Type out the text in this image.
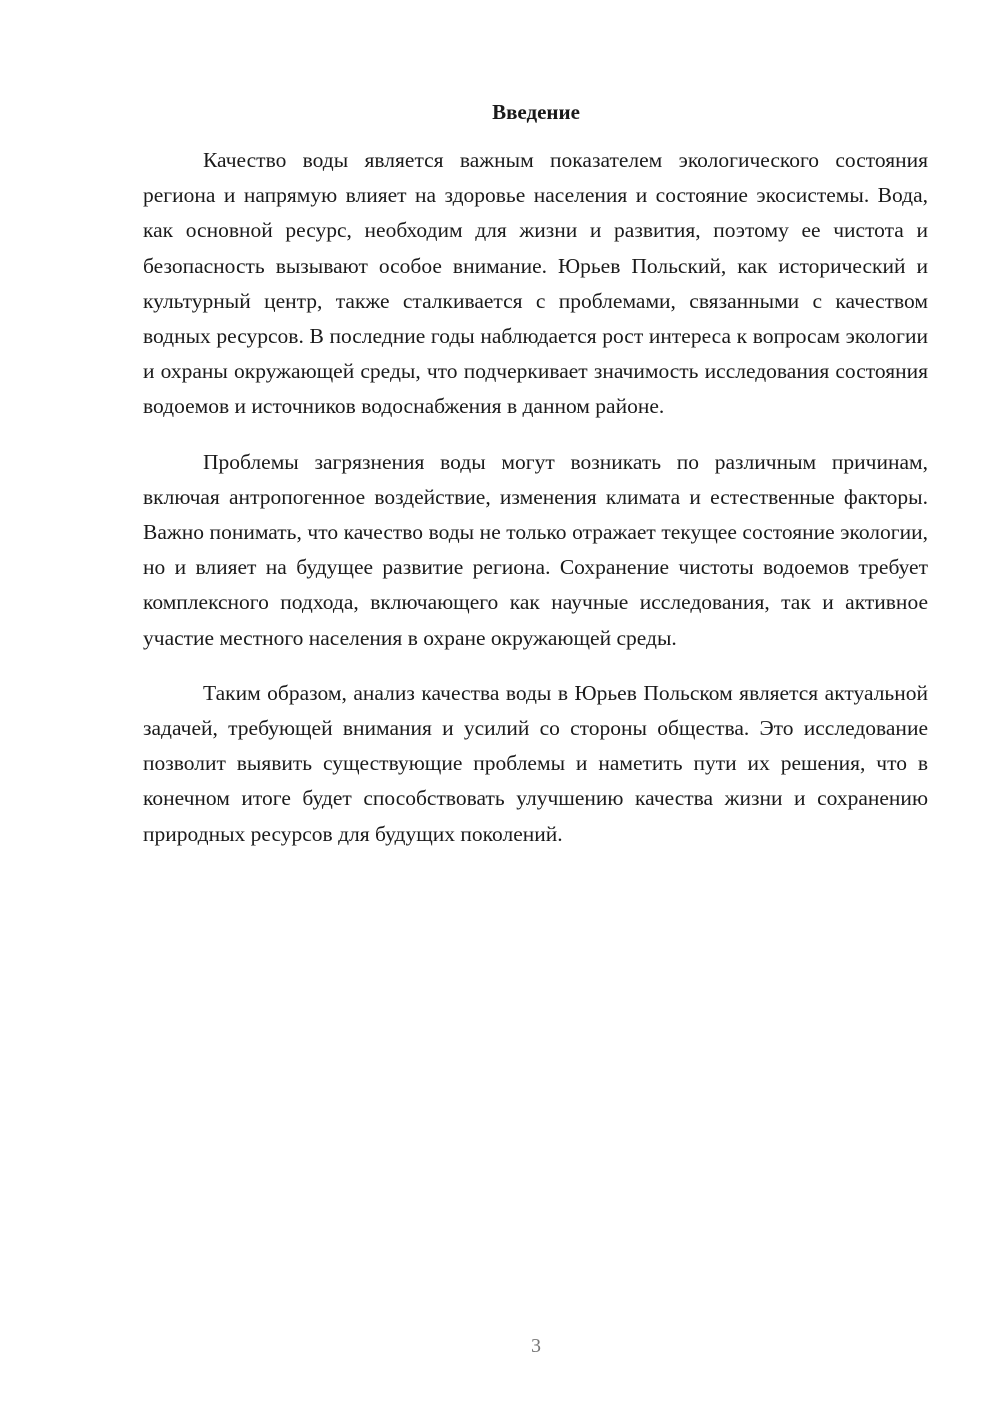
Введение

Качество воды является важным показателем экологического состояния региона и напрямую влияет на здоровье населения и состояние экосистемы. Вода, как основной ресурс, необходим для жизни и развития, поэтому ее чистота и безопасность вызывают особое внимание. Юрьев Польский, как исторический и культурный центр, также сталкивается с проблемами, связанными с качеством водных ресурсов. В последние годы наблюдается рост интереса к вопросам экологии и охраны окружающей среды, что подчеркивает значимость исследования состояния водоемов и источников водоснабжения в данном районе.

Проблемы загрязнения воды могут возникать по различным причинам, включая антропогенное воздействие, изменения климата и естественные факторы. Важно понимать, что качество воды не только отражает текущее состояние экологии, но и влияет на будущее развитие региона. Сохранение чистоты водоемов требует комплексного подхода, включающего как научные исследования, так и активное участие местного населения в охране окружающей среды.

Таким образом, анализ качества воды в Юрьев Польском является актуальной задачей, требующей внимания и усилий со стороны общества. Это исследование позволит выявить существующие проблемы и наметить пути их решения, что в конечном итоге будет способствовать улучшению качества жизни и сохранению природных ресурсов для будущих поколений.

3
